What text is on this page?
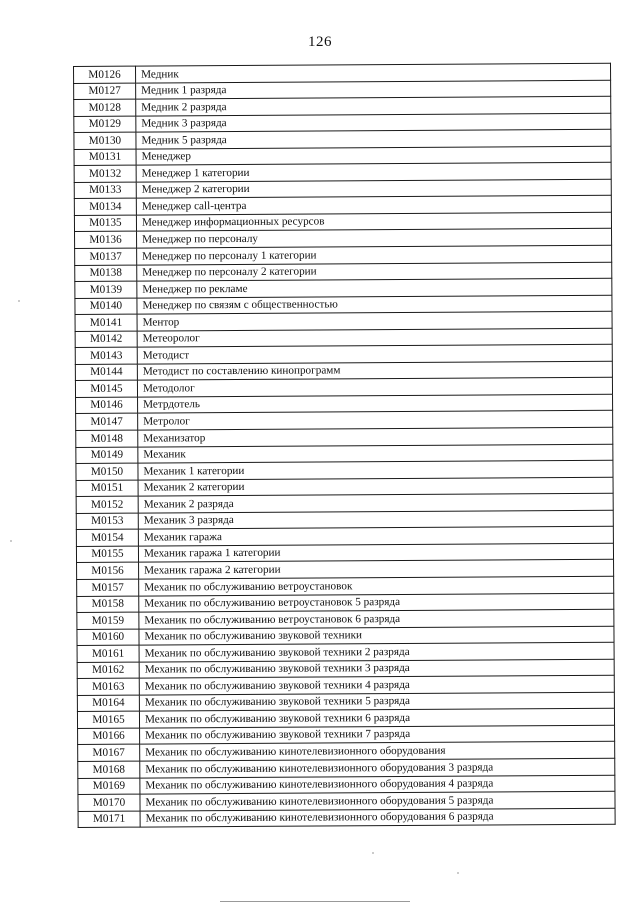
126
М0126	Медник
М0127	Медник 1 разряда
М0128	Медник 2 разряда
М0129	Медник 3 разряда
М0130	Медник 5 разряда
М0131	Менеджер
М0132	Менеджер 1 категории
М0133	Менеджер 2 категории
М0134	Менеджер call-центра
М0135	Менеджер информационных ресурсов
М0136	Менеджер по персоналу
М0137	Менеджер по персоналу 1 категории
М0138	Менеджер по персоналу 2 категории
М0139	Менеджер по рекламе
М0140	Менеджер по связям с общественностью
М0141	Ментор
М0142	Метеоролог
М0143	Методист
М0144	Методист по составлению кинопрограмм
М0145	Методолог
М0146	Метрдотель
М0147	Метролог
М0148	Механизатор
М0149	Механик
М0150	Механик 1 категории
М0151	Механик 2 категории
М0152	Механик 2 разряда
М0153	Механик 3 разряда
М0154	Механик гаража
М0155	Механик гаража 1 категории
М0156	Механик гаража 2 категории
М0157	Механик по обслуживанию ветроустановок
М0158	Механик по обслуживанию ветроустановок 5 разряда
М0159	Механик по обслуживанию ветроустановок 6 разряда
М0160	Механик по обслуживанию звуковой техники
М0161	Механик по обслуживанию звуковой техники 2 разряда
М0162	Механик по обслуживанию звуковой техники 3 разряда
М0163	Механик по обслуживанию звуковой техники 4 разряда
М0164	Механик по обслуживанию звуковой техники 5 разряда
М0165	Механик по обслуживанию звуковой техники 6 разряда
М0166	Механик по обслуживанию звуковой техники 7 разряда
М0167	Механик по обслуживанию кинотелевизионного оборудования
М0168	Механик по обслуживанию кинотелевизионного оборудования 3 разряда
М0169	Механик по обслуживанию кинотелевизионного оборудования 4 разряда
М0170	Механик по обслуживанию кинотелевизионного оборудования 5 разряда
М0171	Механик по обслуживанию кинотелевизионного оборудования 6 разряда
